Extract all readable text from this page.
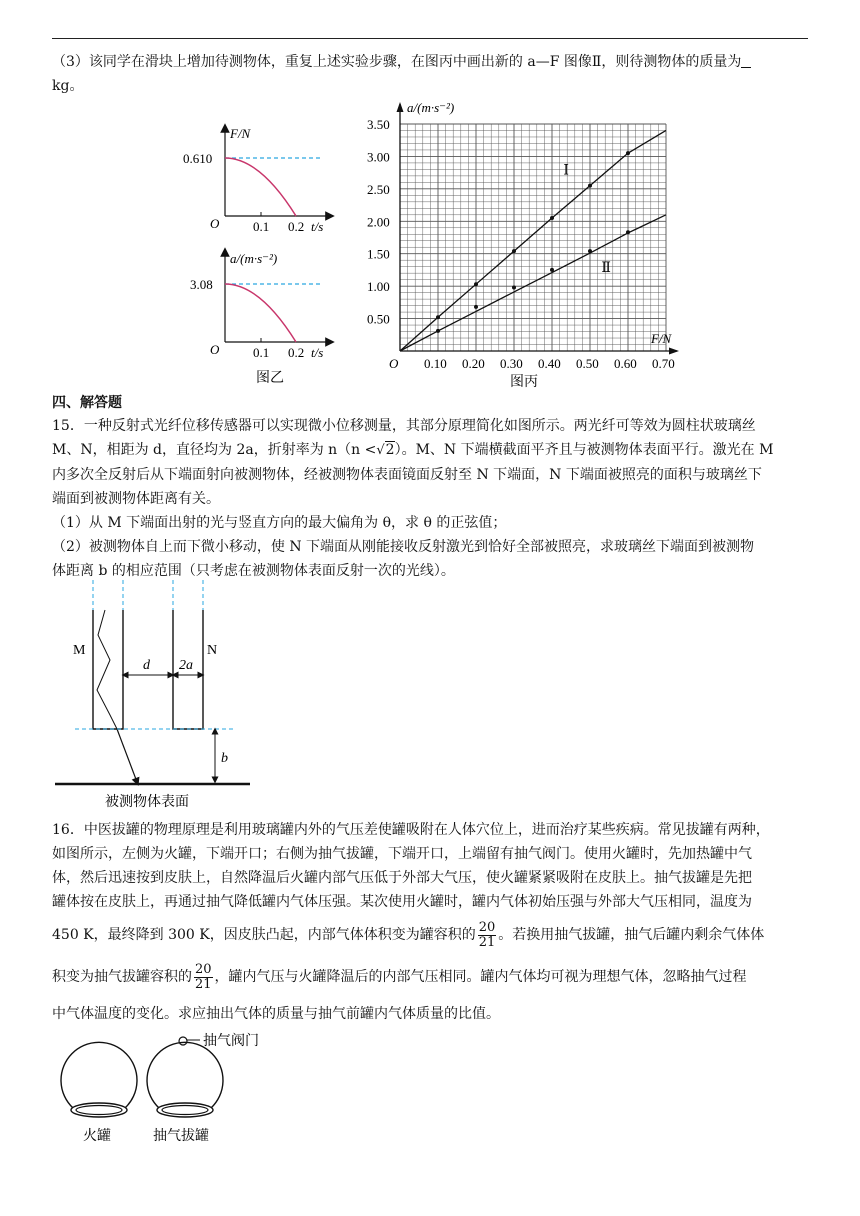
（3）该同学在滑块上增加待测物体，重复上述实验步骤，在图丙中画出新的 a—F 图像Ⅱ，则待测物体的质量为

kg。

F/N
0.610
O	0.1 0.2 t/s
a/(m·s⁻²)
3.08
O	0.1 0.2 t/s
图乙
0.50
1.00
1.50
2.00
2.50
3.00
3.50
0.10 0.20 0.30 0.40 0.50 0.60 0.70
O
a/(m·s⁻²)
F/N
图丙
Ⅰ
Ⅱ
四、解答题

15．一种反射式光纤位移传感器可以实现微小位移测量，其部分原理简化如图所示。两光纤可等效为圆柱状玻璃丝

M、N，相距为 d，直径均为 2a，折射率为 n（n <√2）。M、N 下端横截面平齐且与被测物体表面平行。激光在 M

内多次全反射后从下端面射向被测物体，经被测物体表面镜面反射至 N 下端面，N 下端面被照亮的面积与玻璃丝下

端面到被测物体距离有关。

（1）从 M 下端面出射的光与竖直方向的最大偏角为 θ，求 θ 的正弦值；

（2）被测物体自上而下微小移动，使 N 下端面从刚能接收反射激光到恰好全部被照亮，求玻璃丝下端面到被测物

体距离 b 的相应范围（只考虑在被测物体表面反射一次的光线）。

M	N
d 2a
b
被测物体表面

16．中医拔罐的物理原理是利用玻璃罐内外的气压差使罐吸附在人体穴位上，进而治疗某些疾病。常见拔罐有两种，

如图所示，左侧为火罐，下端开口；右侧为抽气拔罐，下端开口，上端留有抽气阀门。使用火罐时，先加热罐中气

体，然后迅速按到皮肤上，自然降温后火罐内部气压低于外部大气压，使火罐紧紧吸附在皮肤上。抽气拔罐是先把

罐体按在皮肤上，再通过抽气降低罐内气体压强。某次使用火罐时，罐内气体初始压强与外部大气压相同，温度为

450 K，最终降到 300 K，因皮肤凸起，内部气体体积变为罐容积的 $\frac{20}{21}$ 。若换用抽气拔罐，抽气后罐内剩余气体体

积变为抽气拔罐容积的 $\frac{20}{21}$ ，罐内气压与火罐降温后的内部气压相同。罐内气体均可视为理想气体，忽略抽气过程

中气体温度的变化。求应抽出气体的质量与抽气前罐内气体质量的比值。

抽气阀门
火罐	抽气拔罐
